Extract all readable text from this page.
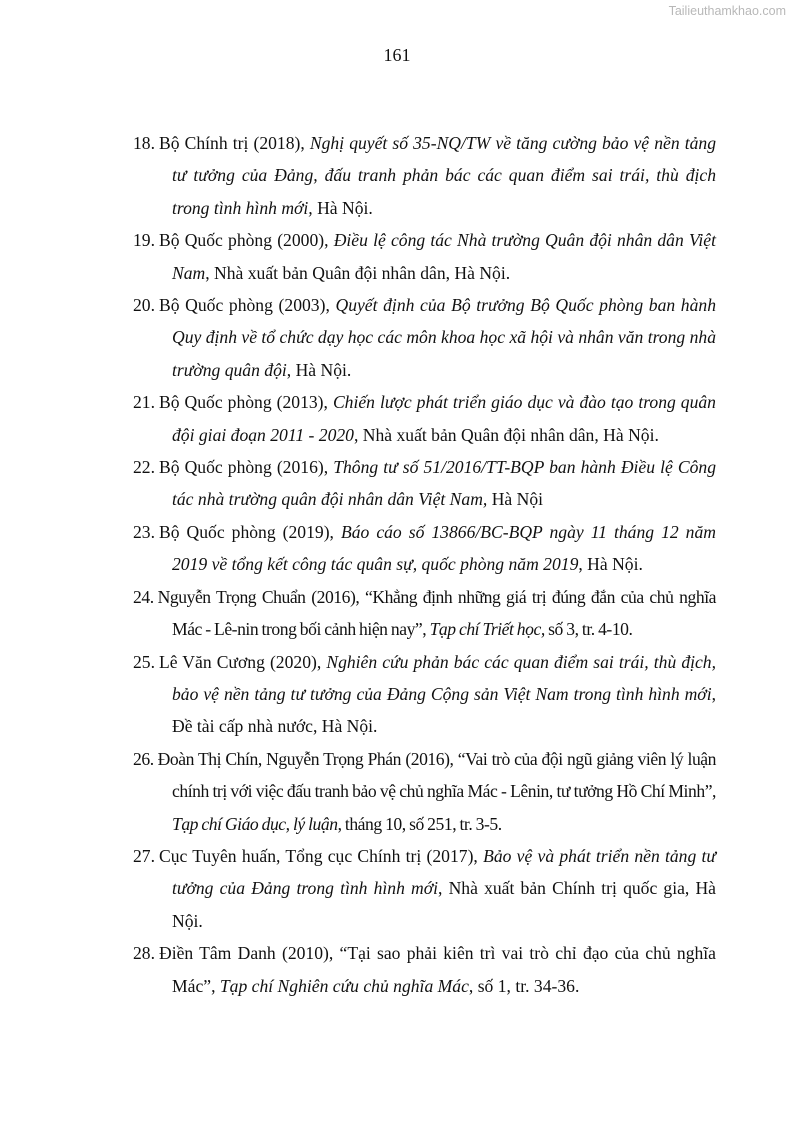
Tailieuthamkhao.com
161

18. Bộ Chính trị (2018), Nghị quyết số 35-NQ/TW về tăng cường bảo vệ nền tảng tư tưởng của Đảng, đấu tranh phản bác các quan điểm sai trái, thù địch trong tình hình mới, Hà Nội.

19. Bộ Quốc phòng (2000), Điều lệ công tác Nhà trường Quân đội nhân dân Việt Nam, Nhà xuất bản Quân đội nhân dân, Hà Nội.

20. Bộ Quốc phòng (2003), Quyết định của Bộ trưởng Bộ Quốc phòng ban hành Quy định về tổ chức dạy học các môn khoa học xã hội và nhân văn trong nhà trường quân đội, Hà Nội.

21. Bộ Quốc phòng (2013), Chiến lược phát triển giáo dục và đào tạo trong quân đội giai đoạn 2011 - 2020, Nhà xuất bản Quân đội nhân dân, Hà Nội.

22. Bộ Quốc phòng (2016), Thông tư số 51/2016/TT-BQP ban hành Điều lệ Công tác nhà trường quân đội nhân dân Việt Nam, Hà Nội

23. Bộ Quốc phòng (2019), Báo cáo số 13866/BC-BQP ngày 11 tháng 12 năm 2019 về tổng kết công tác quân sự, quốc phòng năm 2019, Hà Nội.

24. Nguyễn Trọng Chuẩn (2016), “Khẳng định những giá trị đúng đắn của chủ nghĩa Mác - Lê-nin trong bối cảnh hiện nay”, Tạp chí Triết học, số 3, tr. 4-10.

25. Lê Văn Cương (2020), Nghiên cứu phản bác các quan điểm sai trái, thù địch, bảo vệ nền tảng tư tưởng của Đảng Cộng sản Việt Nam trong tình hình mới, Đề tài cấp nhà nước, Hà Nội.

26. Đoàn Thị Chín, Nguyễn Trọng Phán (2016), “Vai trò của đội ngũ giảng viên lý luận chính trị với việc đấu tranh bảo vệ chủ nghĩa Mác - Lênin, tư tưởng Hồ Chí Minh”, Tạp chí Giáo dục, lý luận, tháng 10, số 251, tr. 3-5.

27. Cục Tuyên huấn, Tổng cục Chính trị (2017), Bảo vệ và phát triển nền tảng tư tưởng của Đảng trong tình hình mới, Nhà xuất bản Chính trị quốc gia, Hà Nội.

28. Điền Tâm Danh (2010), “Tại sao phải kiên trì vai trò chỉ đạo của chủ nghĩa Mác”, Tạp chí Nghiên cứu chủ nghĩa Mác, số 1, tr. 34-36.
